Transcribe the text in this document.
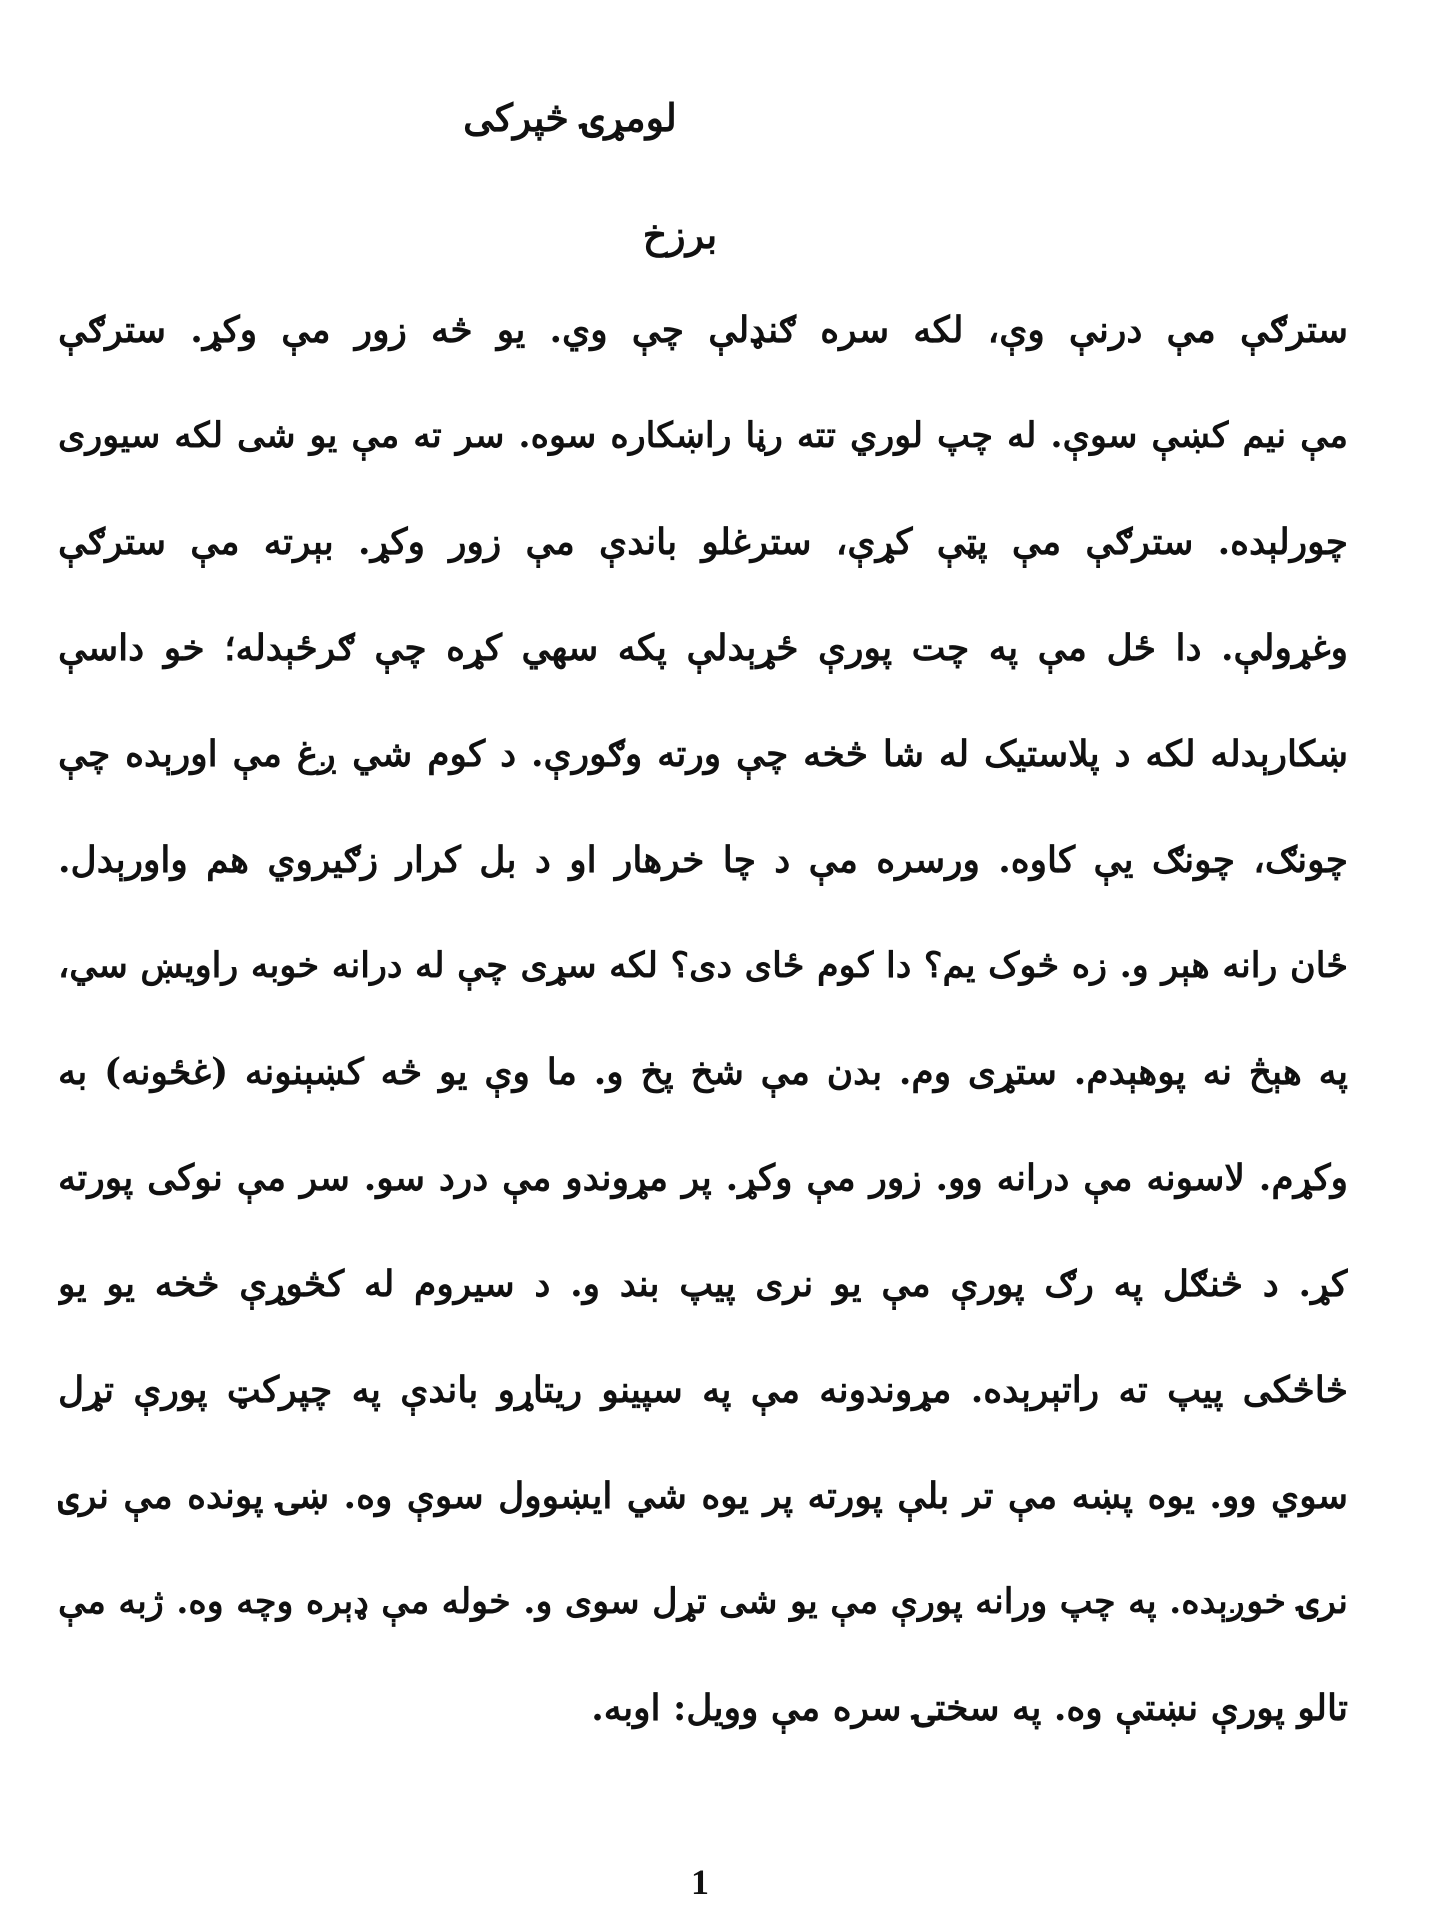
لومړۍ څپرکی
برزخ
سترګې مې درنې وې، لکه سره ګنډلې چې وي. یو څه زور مې وکړ. سترګې
مې نیم کښې سوې. له چپ لوري تته رڼا راښکاره سوه. سر ته مې یو شی لکه سیوری
چورلېده. سترګې مې پټې کړې، سترغلو باندې مې زور وکړ. بېرته مې سترګې
وغړولې. دا ځل مې په چت پورې ځړېدلې پکه سهي کړه چې ګرځېدله؛ خو داسې
ښکارېدله لکه د پلاستیک له شا څخه چې ورته وګورې. د کوم شي ږغ مې اورېده چې
چونګ، چونګ یې کاوه. ورسره مې د چا خرهار او د بل کرار زګیروي هم واورېدل.
ځان رانه هېر و. زه څوک یم؟ دا کوم ځای دی؟ لکه سړی چې له درانه خوبه راویښ سي،
په هېڅ نه پوهېدم. ستړی وم. بدن مې شخ پخ و. ما وې یو څه کښېنونه (غځونه) به
وکړم. لاسونه مې درانه وو. زور مې وکړ. پر مړوندو مې درد سو. سر مې نوکی پورته
کړ. د څنګل په رګ پورې مې یو نری پیپ بند و. د سیروم له کڅوړې څخه یو یو
څاڅکی پیپ ته راتېرېده. مړوندونه مې په سپینو ریتاړو باندې په چپرکټ پورې تړل
سوي وو. یوه پښه مې تر بلې پورته پر یوه شي ایښوول سوې وه. ښۍ پونده مې نرۍ
نرۍ خوږېده. په چپ ورانه پورې مې یو شی تړل سوی و. خوله مې ډېره وچه وه. ژبه مې
تالو پورې نښتې وه. په سختۍ سره مې وویل: اوبه.
1
